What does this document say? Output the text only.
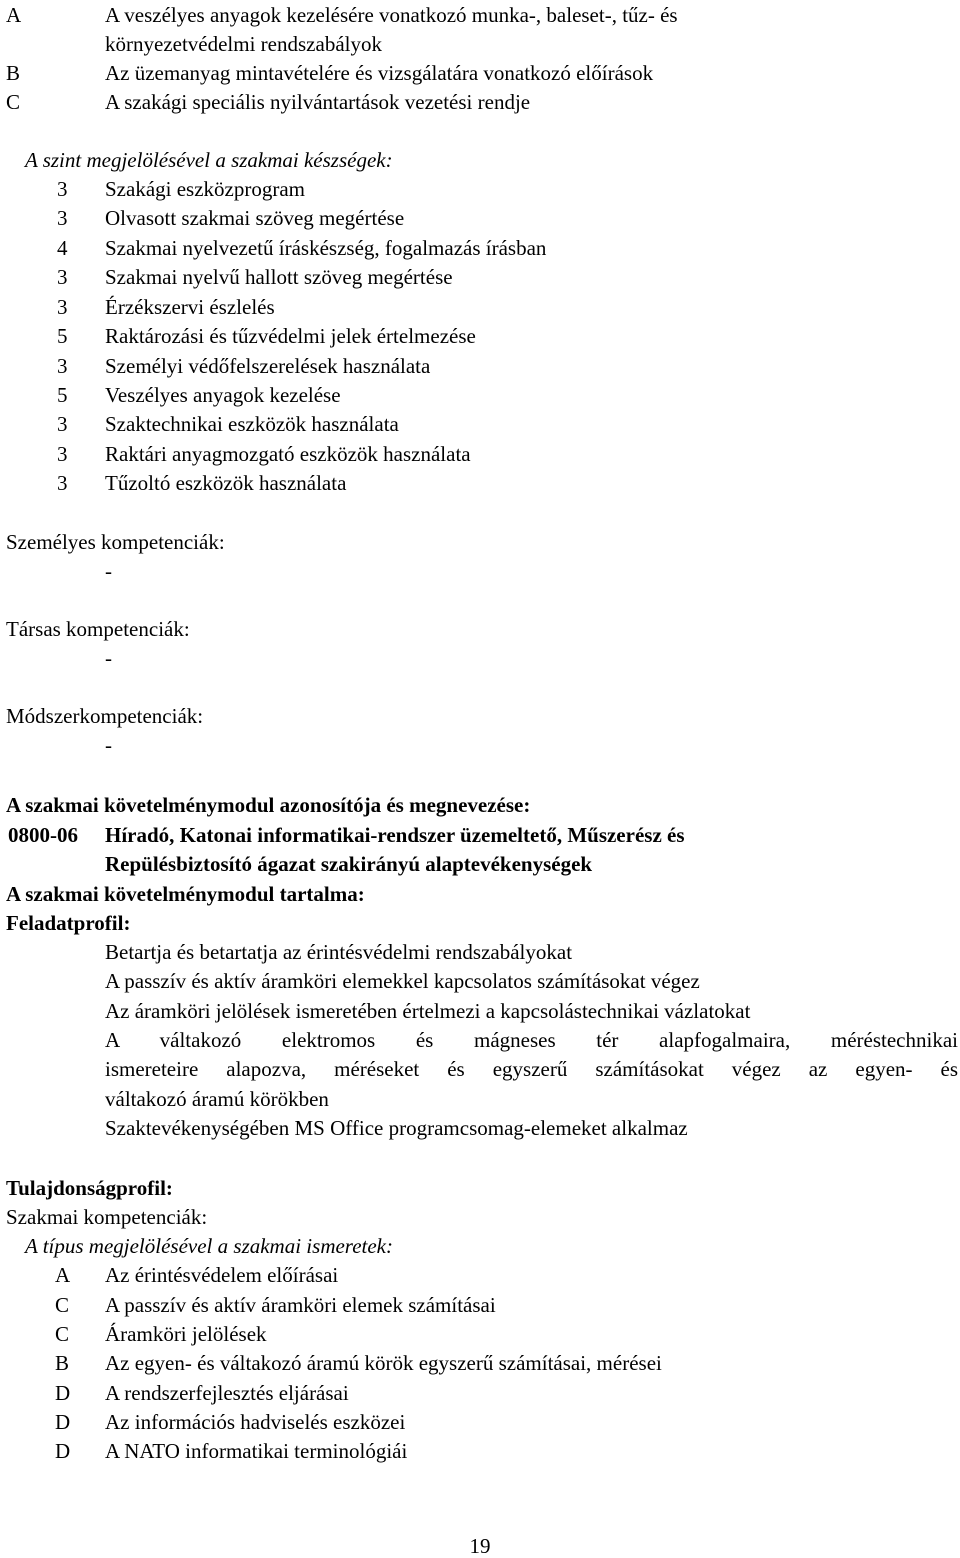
A	A veszélyes anyagok kezelésére vonatkozó munka-, baleset-, tűz- és
környezetvédelmi rendszabályok
B	Az üzemanyag mintavételére és vizsgálatára vonatkozó előírások
C	A szakági speciális nyilvántartások vezetési rendje
A szint megjelölésével a szakmai készségek:
3	Szakági eszközprogram
3	Olvasott szakmai szöveg megértése
4	Szakmai nyelvezetű íráskészség, fogalmazás írásban
3	Szakmai nyelvű hallott szöveg megértése
3	Érzékszervi észlelés
5	Raktározási és tűzvédelmi jelek értelmezése
3	Személyi védőfelszerelések használata
5	Veszélyes anyagok kezelése
3	Szaktechnikai eszközök használata
3	Raktári anyagmozgató eszközök használata
3	Tűzoltó eszközök használata
Személyes kompetenciák:
-
Társas kompetenciák:
-
Módszerkompetenciák:
-
A szakmai követelménymodul azonosítója és megnevezése:
0800-06 Híradó, Katonai informatikai-rendszer üzemeltető, Műszerész és
Repülésbiztosító ágazat szakirányú alaptevékenységek
A szakmai követelménymodul tartalma:
Feladatprofil:
Betartja és betartatja az érintésvédelmi rendszabályokat
A passzív és aktív áramköri elemekkel kapcsolatos számításokat végez
Az áramköri jelölések ismeretében értelmezi a kapcsolástechnikai vázlatokat
A váltakozó elektromos és mágneses tér alapfogalmaira, méréstechnikai
ismereteire alapozva, méréseket és egyszerű számításokat végez az egyen- és
váltakozó áramú körökben
Szaktevékenységében MS Office programcsomag-elemeket alkalmaz
Tulajdonságprofil:
Szakmai kompetenciák:
A típus megjelölésével a szakmai ismeretek:
A	Az érintésvédelem előírásai
C	A passzív és aktív áramköri elemek számításai
C	Áramköri jelölések
B	Az egyen- és váltakozó áramú körök egyszerű számításai, mérései
D	A rendszerfejlesztés eljárásai
D	Az információs hadviselés eszközei
D	A NATO informatikai terminológiái
19
